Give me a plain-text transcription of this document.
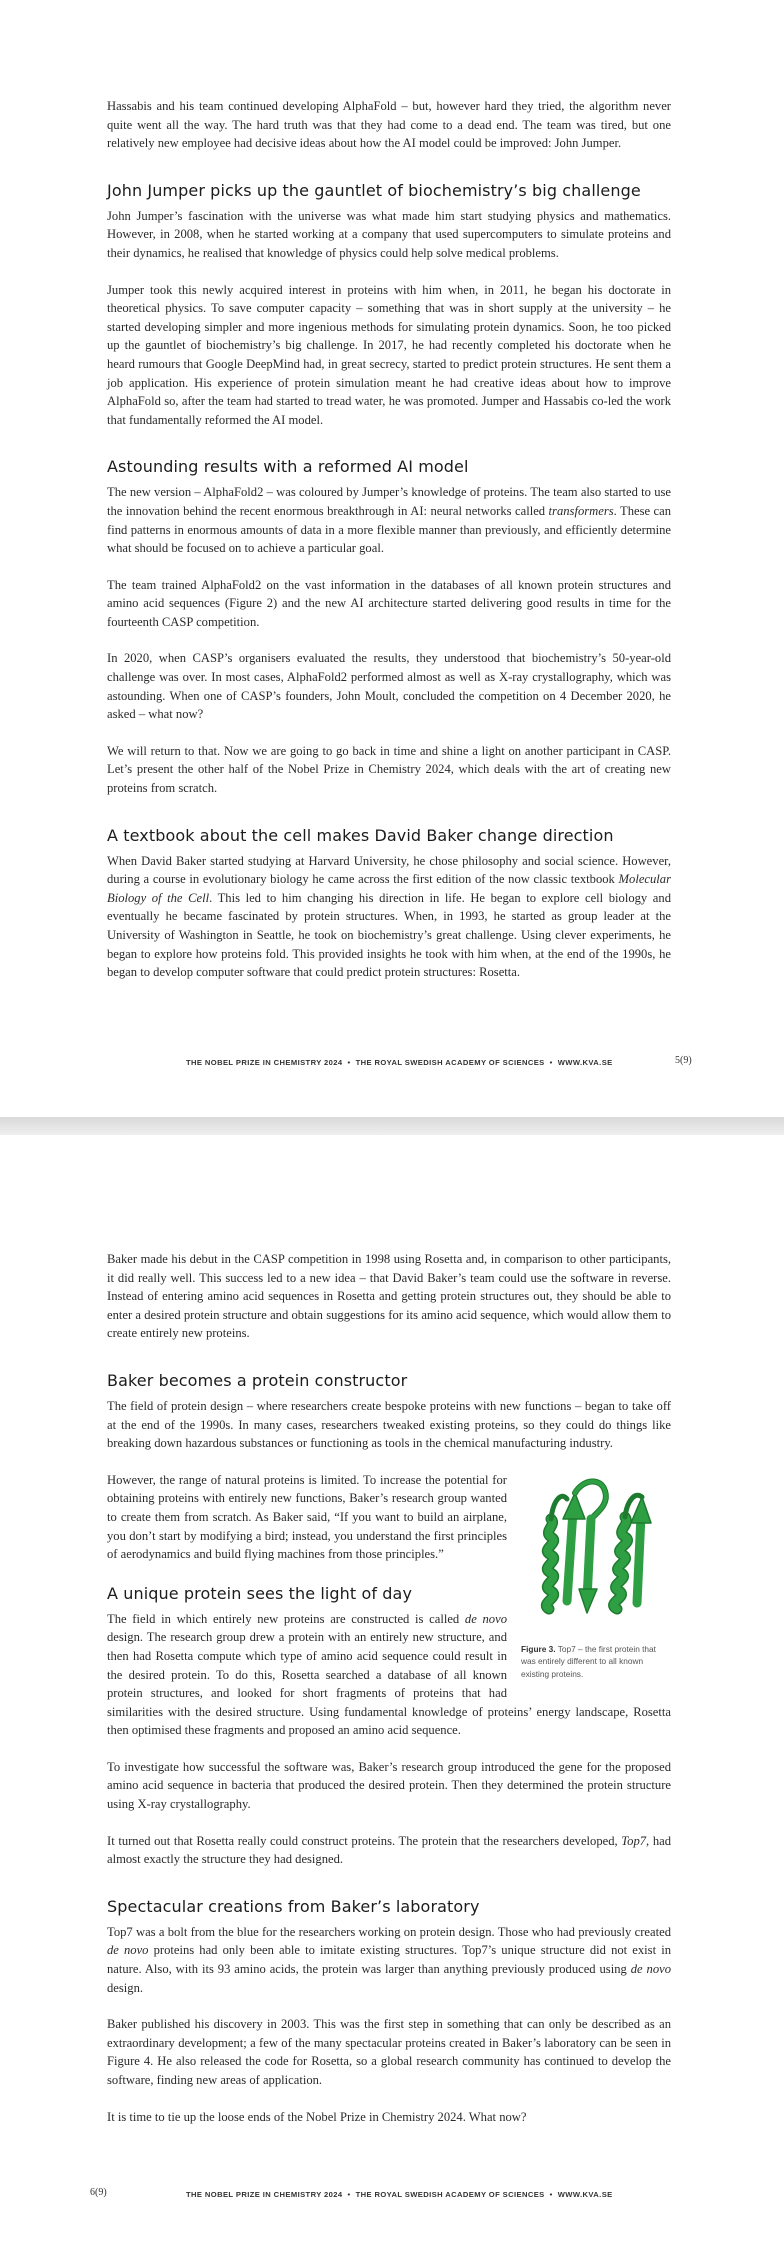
Hassabis and his team continued developing AlphaFold – but, however hard they tried, the algorithm never quite went all the way. The hard truth was that they had come to a dead end. The team was tired, but one relatively new employee had decisive ideas about how the AI model could be improved: John Jumper.

John Jumper picks up the gauntlet of biochemistry’s big challenge

John Jumper’s fascination with the universe was what made him start studying physics and mathematics. However, in 2008, when he started working at a company that used supercomputers to simulate proteins and their dynamics, he realised that knowledge of physics could help solve medical problems.

Jumper took this newly acquired interest in proteins with him when, in 2011, he began his doctorate in theoretical physics. To save computer capacity – something that was in short supply at the university – he started developing simpler and more ingenious methods for simulating protein dynamics. Soon, he too picked up the gauntlet of biochemistry’s big challenge. In 2017, he had recently completed his doctorate when he heard rumours that Google DeepMind had, in great secrecy, started to predict protein structures. He sent them a job application. His experience of protein simulation meant he had creative ideas about how to improve AlphaFold so, after the team had started to tread water, he was promoted. Jumper and Hassabis co-led the work that fundamentally reformed the AI model.

Astounding results with a reformed AI model

The new version – AlphaFold2 – was coloured by Jumper’s knowledge of proteins. The team also started to use the innovation behind the recent enormous breakthrough in AI: neural networks called transformers. These can find patterns in enormous amounts of data in a more flexible manner than previously, and efficiently determine what should be focused on to achieve a particular goal.

The team trained AlphaFold2 on the vast information in the databases of all known protein structures and amino acid sequences (Figure 2) and the new AI architecture started delivering good results in time for the fourteenth CASP competition.

In 2020, when CASP’s organisers evaluated the results, they understood that biochemistry’s 50-year-old challenge was over. In most cases, AlphaFold2 performed almost as well as X-ray crystallography, which was astounding. When one of CASP’s founders, John Moult, concluded the competition on 4 December 2020, he asked – what now?

We will return to that. Now we are going to go back in time and shine a light on another participant in CASP. Let’s present the other half of the Nobel Prize in Chemistry 2024, which deals with the art of creating new proteins from scratch.

A textbook about the cell makes David Baker change direction

When David Baker started studying at Harvard University, he chose philosophy and social science. However, during a course in evolutionary biology he came across the first edition of the now classic textbook Molecular Biology of the Cell. This led to him changing his direction in life. He began to explore cell biology and eventually he became fascinated by protein structures. When, in 1993, he started as group leader at the University of Washington in Seattle, he took on biochemistry’s great challenge. Using clever experiments, he began to explore how proteins fold. This provided insights he took with him when, at the end of the 1990s, he began to develop computer software that could predict protein structures: Rosetta.

THE NOBEL PRIZE IN CHEMISTRY 2024 • THE ROYAL SWEDISH ACADEMY OF SCIENCES • WWW.KVA.SE	5(9)

Baker made his debut in the CASP competition in 1998 using Rosetta and, in comparison to other participants, it did really well. This success led to a new idea – that David Baker’s team could use the software in reverse. Instead of entering amino acid sequences in Rosetta and getting protein structures out, they should be able to enter a desired protein structure and obtain suggestions for its amino acid sequence, which would allow them to create entirely new proteins.

Baker becomes a protein constructor

The field of protein design – where researchers create bespoke proteins with new functions – began to take off at the end of the 1990s. In many cases, researchers tweaked existing proteins, so they could do things like breaking down hazardous substances or functioning as tools in the chemical manufacturing industry.

Figure 3. Top7 – the first protein that was entirely different to all known existing proteins.

However, the range of natural proteins is limited. To increase the potential for obtaining proteins with entirely new functions, Baker’s research group wanted to create them from scratch. As Baker said, “If you want to build an airplane, you don’t start by modifying a bird; instead, you understand the first principles of aerodynamics and build flying machines from those principles.”

A unique protein sees the light of day

The field in which entirely new proteins are constructed is called de novo design. The research group drew a protein with an entirely new structure, and then had Rosetta compute which type of amino acid sequence could result in the desired protein. To do this, Rosetta searched a database of all known protein structures, and looked for short fragments of proteins that had similarities with the desired structure. Using fundamental knowledge of proteins’ energy landscape, Rosetta then optimised these fragments and proposed an amino acid sequence.

To investigate how successful the software was, Baker’s research group introduced the gene for the proposed amino acid sequence in bacteria that produced the desired protein. Then they determined the protein structure using X-ray crystallography.

It turned out that Rosetta really could construct proteins. The protein that the researchers developed, Top7, had almost exactly the structure they had designed.

Spectacular creations from Baker’s laboratory

Top7 was a bolt from the blue for the researchers working on protein design. Those who had previously created de novo proteins had only been able to imitate existing structures. Top7’s unique structure did not exist in nature. Also, with its 93 amino acids, the protein was larger than anything previously produced using de novo design.

Baker published his discovery in 2003. This was the first step in something that can only be described as an extraordinary development; a few of the many spectacular proteins created in Baker’s laboratory can be seen in Figure 4. He also released the code for Rosetta, so a global research community has continued to develop the software, finding new areas of application.

It is time to tie up the loose ends of the Nobel Prize in Chemistry 2024. What now?

6(9)	THE NOBEL PRIZE IN CHEMISTRY 2024 • THE ROYAL SWEDISH ACADEMY OF SCIENCES • WWW.KVA.SE
